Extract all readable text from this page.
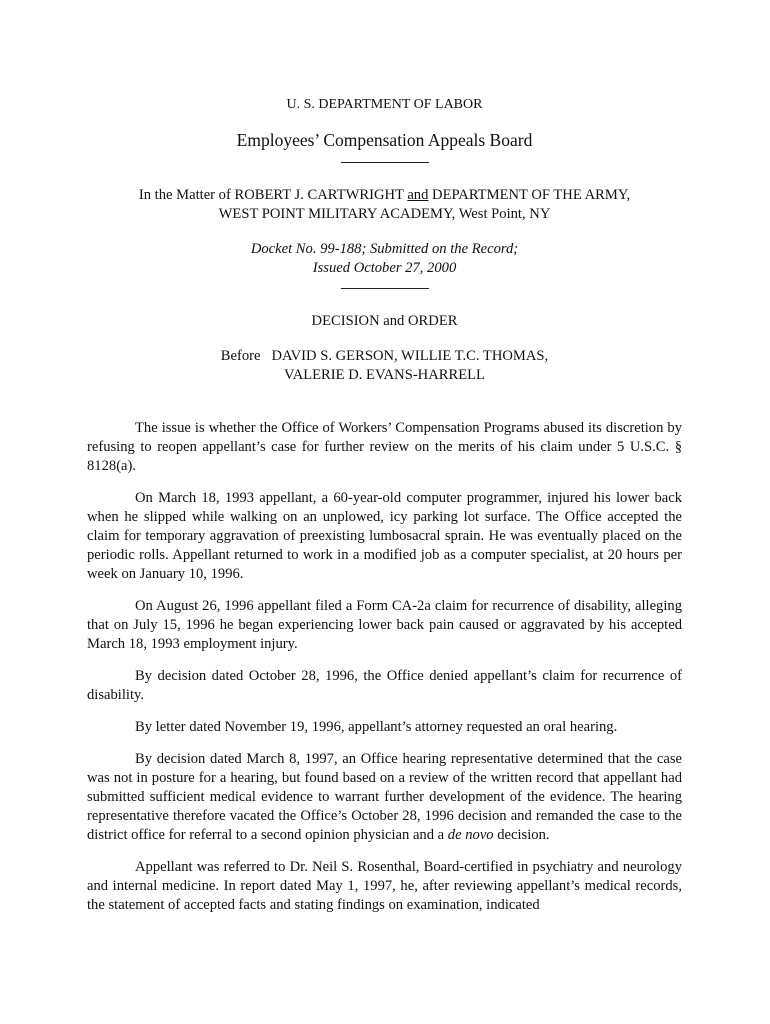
U. S. DEPARTMENT OF LABOR
Employees’ Compensation Appeals Board
In the Matter of ROBERT J. CARTWRIGHT and DEPARTMENT OF THE ARMY,
WEST POINT MILITARY ACADEMY, West Point, NY
Docket No. 99-188; Submitted on the Record;
Issued October 27, 2000
DECISION and ORDER
Before   DAVID S. GERSON, WILLIE T.C. THOMAS,
VALERIE D. EVANS-HARRELL

The issue is whether the Office of Workers’ Compensation Programs abused its discretion by refusing to reopen appellant’s case for further review on the merits of his claim under 5 U.S.C. § 8128(a).

On March 18, 1993 appellant, a 60-year-old computer programmer, injured his lower back when he slipped while walking on an unplowed, icy parking lot surface. The Office accepted the claim for temporary aggravation of preexisting lumbosacral sprain. He was eventually placed on the periodic rolls. Appellant returned to work in a modified job as a computer specialist, at 20 hours per week on January 10, 1996.

On August 26, 1996 appellant filed a Form CA-2a claim for recurrence of disability, alleging that on July 15, 1996 he began experiencing lower back pain caused or aggravated by his accepted March 18, 1993 employment injury.

By decision dated October 28, 1996, the Office denied appellant’s claim for recurrence of disability.

By letter dated November 19, 1996, appellant’s attorney requested an oral hearing.

By decision dated March 8, 1997, an Office hearing representative determined that the case was not in posture for a hearing, but found based on a review of the written record that appellant had submitted sufficient medical evidence to warrant further development of the evidence. The hearing representative therefore vacated the Office’s October 28, 1996 decision and remanded the case to the district office for referral to a second opinion physician and a de novo decision.

Appellant was referred to Dr. Neil S. Rosenthal, Board-certified in psychiatry and neurology and internal medicine. In report dated May 1, 1997, he, after reviewing appellant’s medical records, the statement of accepted facts and stating findings on examination, indicated
